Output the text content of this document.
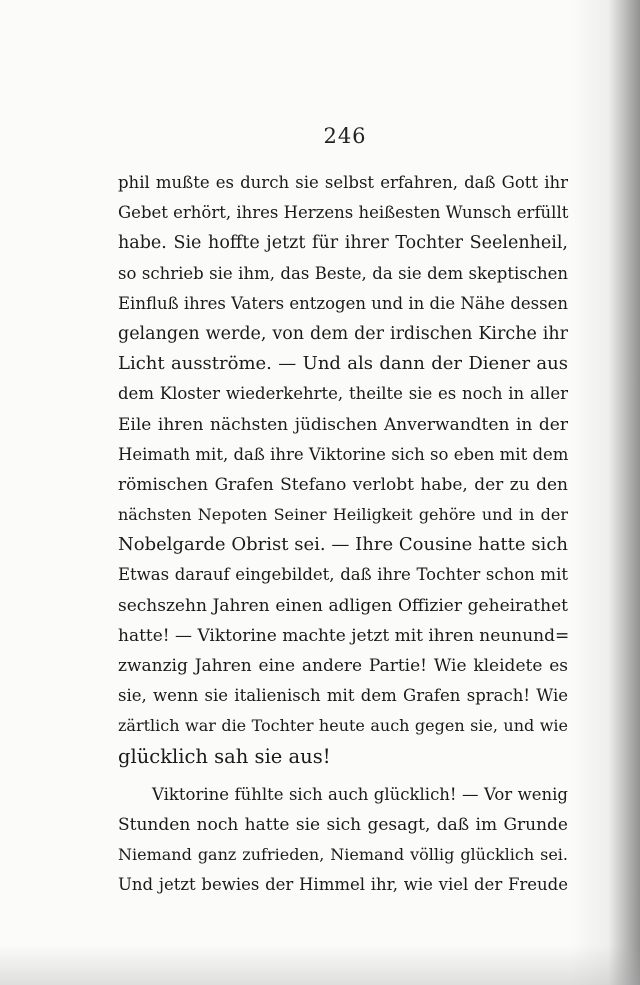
246
phil mußte es durch sie selbst erfahren, daß Gott ihr
Gebet erhört, ihres Herzens heißesten Wunsch erfüllt
habe. Sie hoffte jetzt für ihrer Tochter Seelenheil,
so schrieb sie ihm, das Beste, da sie dem skeptischen
Einfluß ihres Vaters entzogen und in die Nähe dessen
gelangen werde, von dem der irdischen Kirche ihr
Licht ausströme. — Und als dann der Diener aus
dem Kloster wiederkehrte, theilte sie es noch in aller
Eile ihren nächsten jüdischen Anverwandten in der
Heimath mit, daß ihre Viktorine sich so eben mit dem
römischen Grafen Stefano verlobt habe, der zu den
nächsten Nepoten Seiner Heiligkeit gehöre und in der
Nobelgarde Obrist sei. — Ihre Cousine hatte sich
Etwas darauf eingebildet, daß ihre Tochter schon mit
sechszehn Jahren einen adligen Offizier geheirathet
hatte! — Viktorine machte jetzt mit ihren neunund=
zwanzig Jahren eine andere Partie! Wie kleidete es
sie, wenn sie italienisch mit dem Grafen sprach! Wie
zärtlich war die Tochter heute auch gegen sie, und wie
glücklich sah sie aus!
Viktorine fühlte sich auch glücklich! — Vor wenig
Stunden noch hatte sie sich gesagt, daß im Grunde
Niemand ganz zufrieden, Niemand völlig glücklich sei.
Und jetzt bewies der Himmel ihr, wie viel der Freude
